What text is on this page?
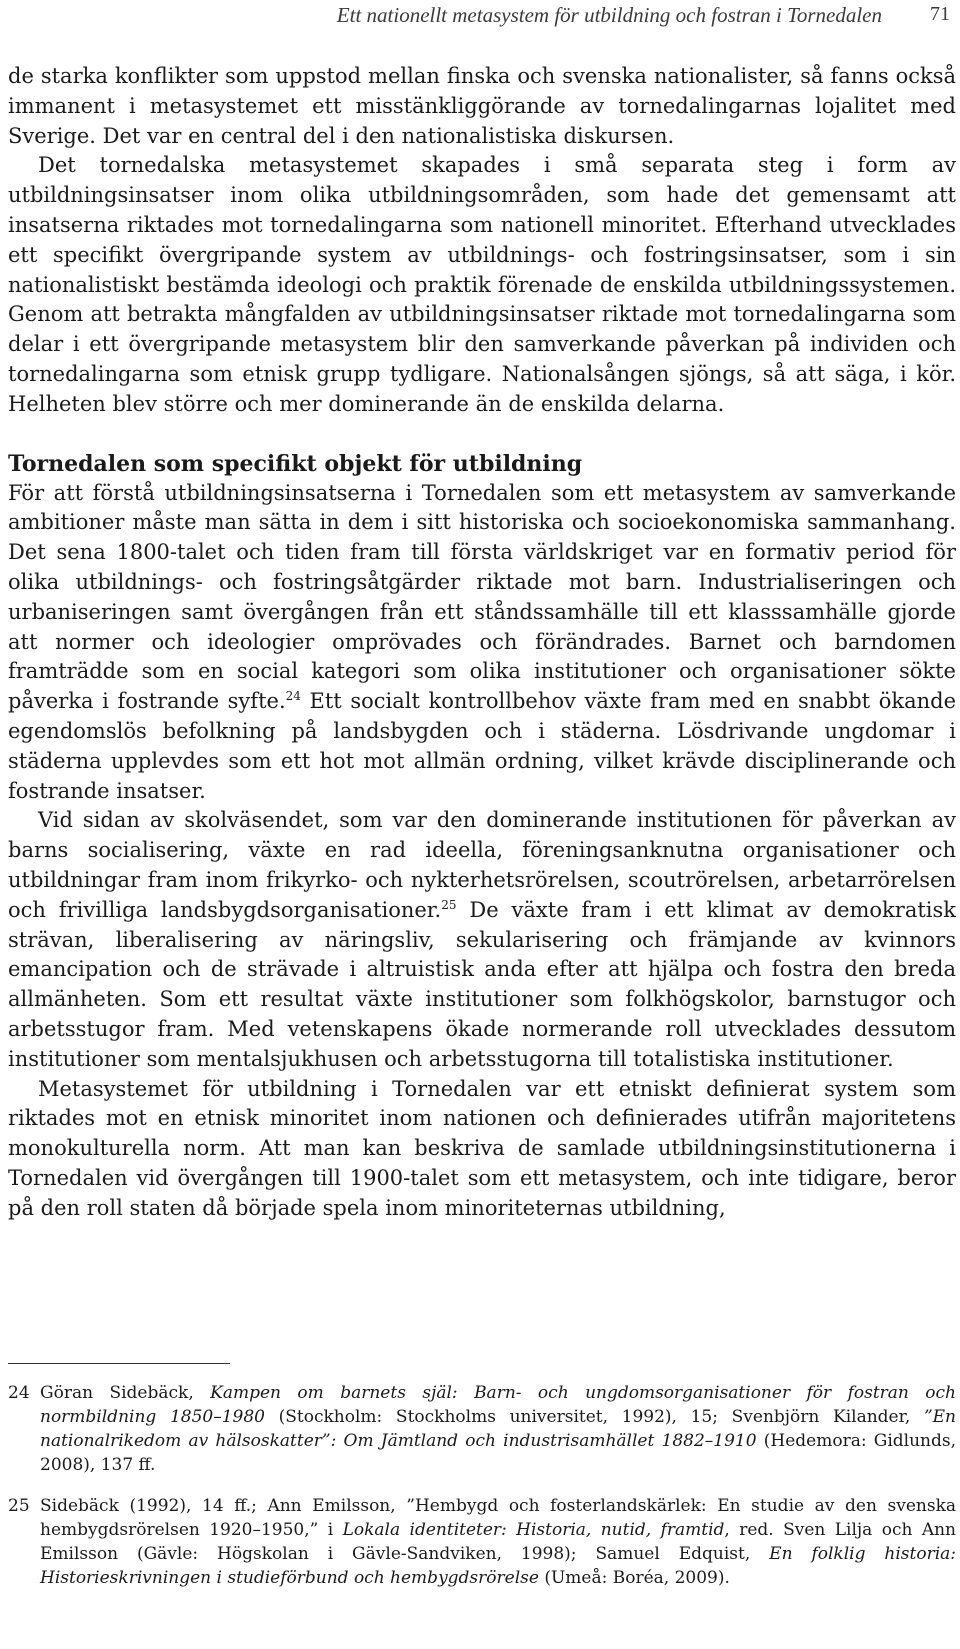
Ett nationellt metasystem för utbildning och fostran i Tornedalen 71

de starka konflikter som uppstod mellan finska och svenska nationalister, så fanns också immanent i metasystemet ett misstänkliggörande av tornedalingarnas lojalitet med Sverige. Det var en central del i den nationalistiska diskursen.

Det tornedalska metasystemet skapades i små separata steg i form av utbildningsinsatser inom olika utbildningsområden, som hade det gemensamt att insatserna riktades mot tornedalingarna som nationell minoritet. Efterhand utvecklades ett specifikt övergripande system av utbildnings- och fostringsinsatser, som i sin nationalistiskt bestämda ideologi och praktik förenade de enskilda utbildningssystemen. Genom att betrakta mångfalden av utbildningsinsatser riktade mot tornedalingarna som delar i ett övergripande metasystem blir den samverkande påverkan på individen och tornedalingarna som etnisk grupp tydligare. Nationalsången sjöngs, så att säga, i kör. Helheten blev större och mer dominerande än de enskilda delarna.

Tornedalen som specifikt objekt för utbildning

För att förstå utbildningsinsatserna i Tornedalen som ett metasystem av samverkande ambitioner måste man sätta in dem i sitt historiska och socioekonomiska sammanhang. Det sena 1800-talet och tiden fram till första världskriget var en formativ period för olika utbildnings- och fostringsåtgärder riktade mot barn. Industrialiseringen och urbaniseringen samt övergången från ett ståndssamhälle till ett klasssamhälle gjorde att normer och ideologier omprövades och förändrades. Barnet och barndomen framträdde som en social kategori som olika institutioner och organisationer sökte påverka i fostrande syfte.$^{24}$ Ett socialt kontrollbehov växte fram med en snabbt ökande egendomslös befolkning på landsbygden och i städerna. Lösdrivande ungdomar i städerna upplevdes som ett hot mot allmän ordning, vilket krävde disciplinerande och fostrande insatser.

Vid sidan av skolväsendet, som var den dominerande institutionen för påverkan av barns socialisering, växte en rad ideella, föreningsanknutna organisationer och utbildningar fram inom frikyrko- och nykterhetsrörelsen, scoutrörelsen, arbetarrörelsen och frivilliga landsbygdsorganisationer.$^{25}$ De växte fram i ett klimat av demokratisk strävan, liberalisering av näringsliv, sekularisering och främjande av kvinnors emancipation och de strävade i altruistisk anda efter att hjälpa och fostra den breda allmänheten. Som ett resultat växte institutioner som folkhögskolor, barnstugor och arbetsstugor fram. Med vetenskapens ökade normerande roll utvecklades dessutom institutioner som mentalsjukhusen och arbetsstugorna till totalistiska institutioner.

Metasystemet för utbildning i Tornedalen var ett etniskt definierat system som riktades mot en etnisk minoritet inom nationen och definierades utifrån majoritetens monokulturella norm. Att man kan beskriva de samlade utbildningsinstitutionerna i Tornedalen vid övergången till 1900-talet som ett metasystem, och inte tidigare, beror på den roll staten då började spela inom minoriteternas utbildning,

24 Göran Sidebäck, Kampen om barnets själ: Barn- och ungdomsorganisationer för fostran och normbildning 1850–1980 (Stockholm: Stockholms universitet, 1992), 15; Svenbjörn Kilander, ”En nationalrikedom av hälsoskatter”: Om Jämtland och industrisamhället 1882–1910 (Hedemora: Gidlunds, 2008), 137 ff.
25 Sidebäck (1992), 14 ff.; Ann Emilsson, ”Hembygd och fosterlandskärlek: En studie av den svenska hembygdsrörelsen 1920–1950,” i Lokala identiteter: Historia, nutid, framtid, red. Sven Lilja och Ann Emilsson (Gävle: Högskolan i Gävle-Sandviken, 1998); Samuel Edquist, En folklig historia: Historieskrivningen i studieförbund och hembygdsrörelse (Umeå: Boréa, 2009).
